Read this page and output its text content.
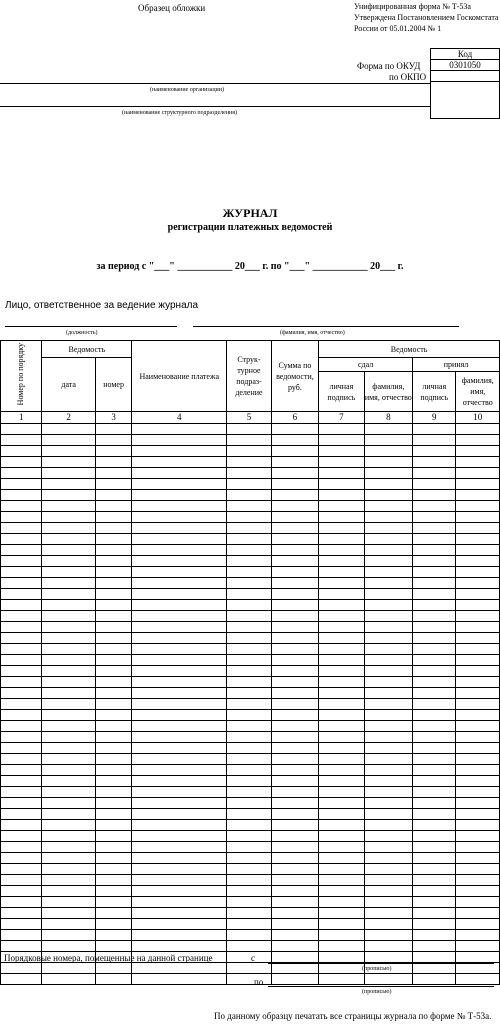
Образец обложки	Унифицированная форма № Т-53а
Утверждена Постановлением Госкомстата
России от 05.01.2004 № 1
Код
0301050

Форма по ОКУД
по ОКПО
(наименование организации)
(наименование структурного подразделения)
ЖУРНАЛ
регистрации платежных ведомостей
за период с "___" ___________ 20___ г. по "___" ___________ 20___ г.
Лицо, ответственное за ведение журнала
(должность)	(фамилия, имя, отчество)
Номер по порядку	Ведомость		Наименование платежа	Струк-турное подраз-деление	Сумма по ведомости, руб.	Ведомость			
	дата	номер				сдал		принял	
						личная подпись	фамилия, имя, отчество	личная подпись	фамилия, имя, отчество
1	2	3	4	5	6	7	8	9	10

Порядковые номера, помещенные на данной странице	с
(прописью)
по
(прописью)
По данному образцу печатать все страницы журнала по форме № Т-53а.
